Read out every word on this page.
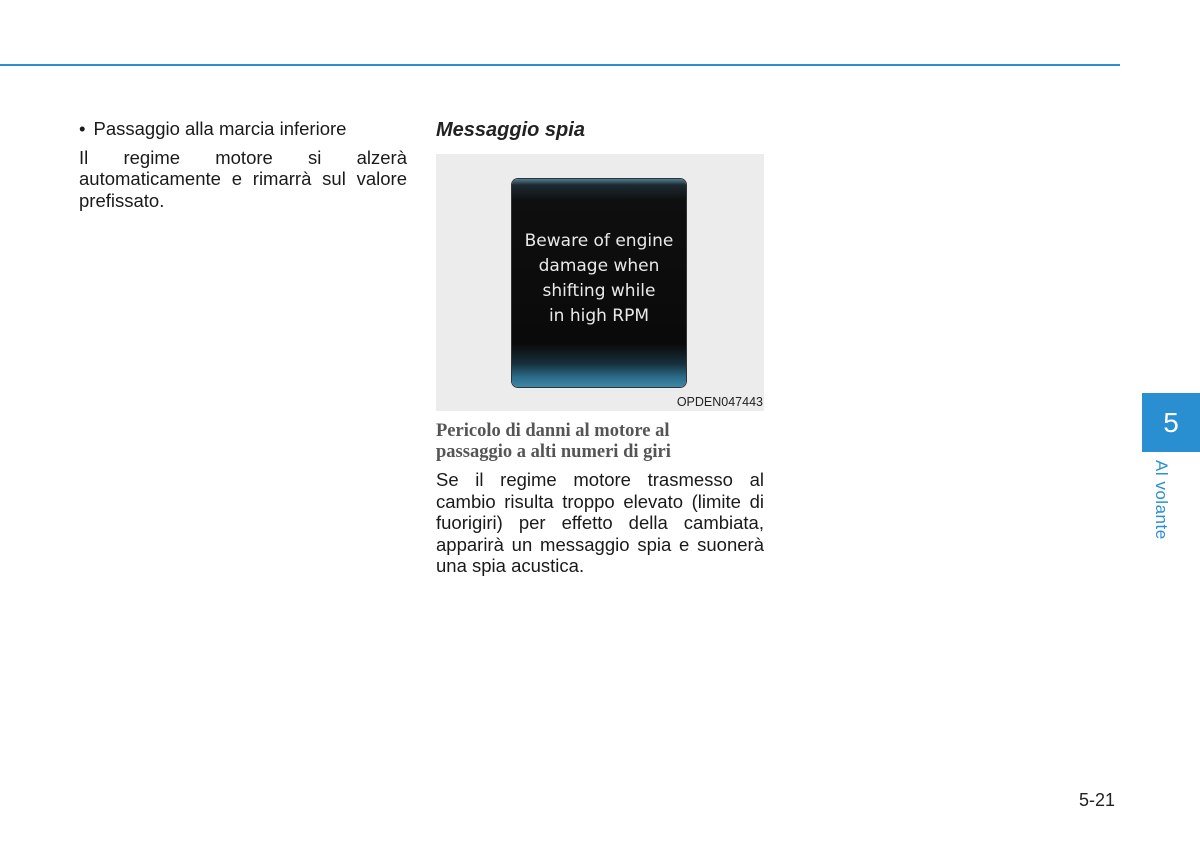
• Passaggio alla marcia inferiore

Il regime motore si alzerà automaticamente e rimarrà sul valore prefissato.

Messaggio spia
Beware of engine
damage when
shifting while
in high RPM
OPDEN047443
Pericolo di danni al motore al
passaggio a alti numeri di giri

Se il regime motore trasmesso al cambio risulta troppo elevato (limite di fuorigiri) per effetto della cambiata, apparirà un messaggio spia e suonerà una spia acustica.

5
Al volante
5-21
